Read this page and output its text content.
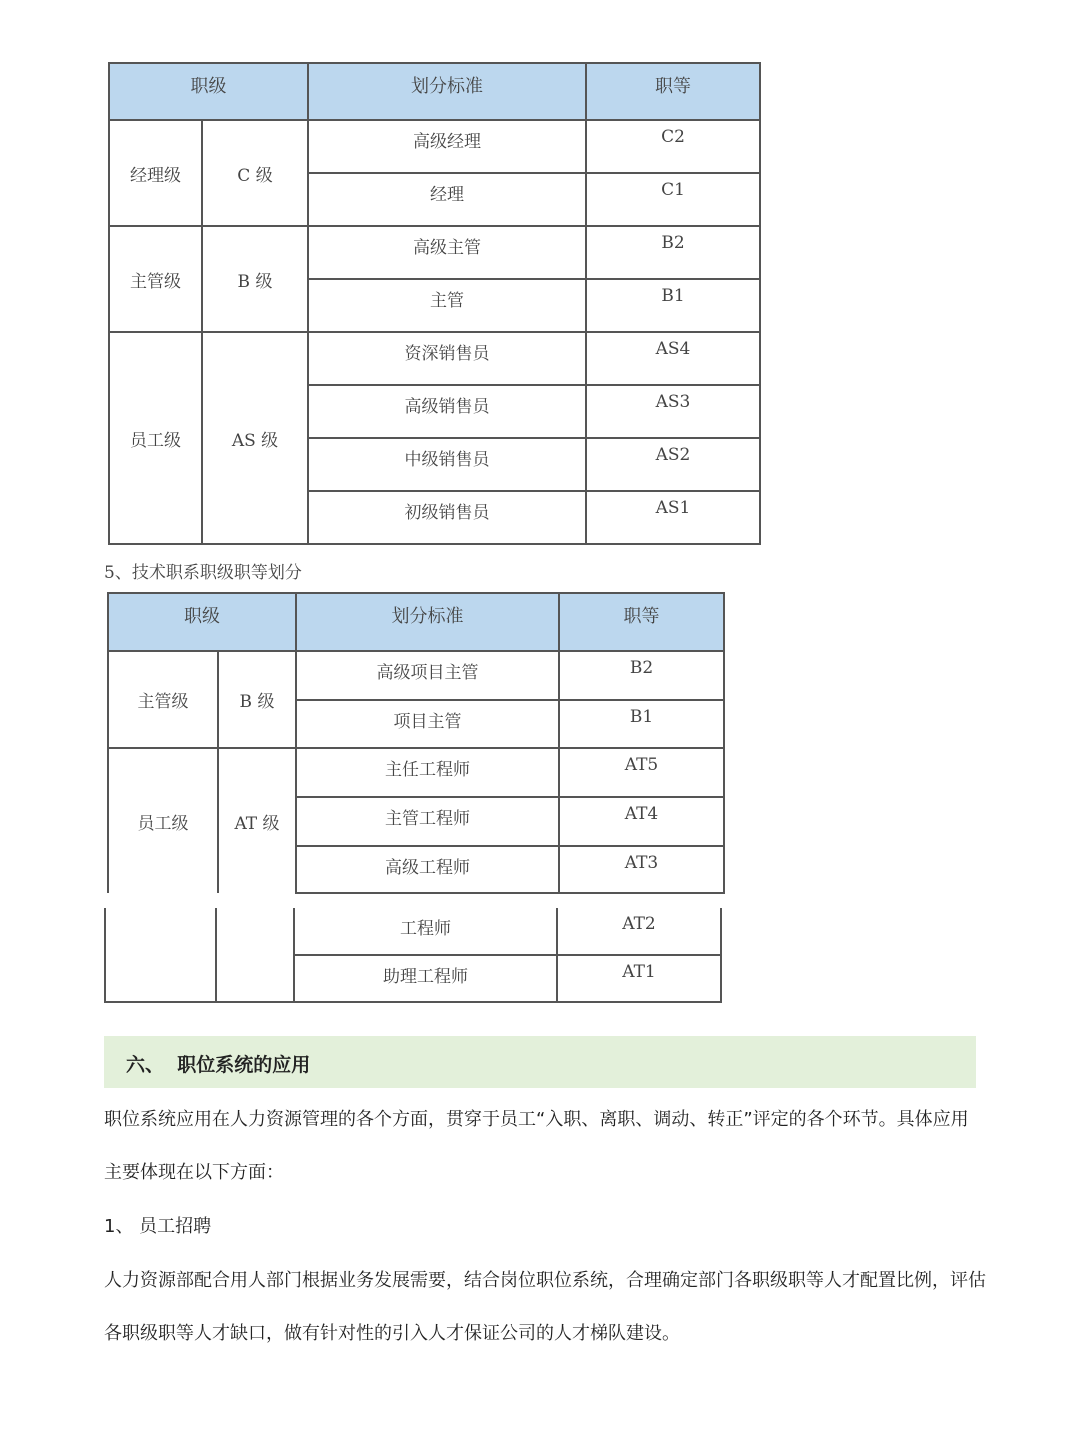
职级		划分标准	职等
经理级	C 级	高级经理	C2
		经理	C1
主管级	B 级	高级主管	B2
		主管	B1
员工级	AS 级	资深销售员	AS4
		高级销售员	AS3
		中级销售员	AS2
		初级销售员	AS1
5、技术职系职级职等划分
职级		划分标准	职等
主管级	B 级	高级项目主管	B2
		项目主管	B1
员工级	AT 级	主任工程师	AT5
		主管工程师	AT4
		高级工程师	AT3
		工程师	AT2
		助理工程师	AT1
六、  职位系统的应用
职位系统应用在人力资源管理的各个方面，贯穿于员工“入职、离职、调动、转正”评定的各个环节。具体应用
主要体现在以下方面：
1、 员工招聘
人力资源部配合用人部门根据业务发展需要，结合岗位职位系统，合理确定部门各职级职等人才配置比例，评估
各职级职等人才缺口，做有针对性的引入人才保证公司的人才梯队建设。
